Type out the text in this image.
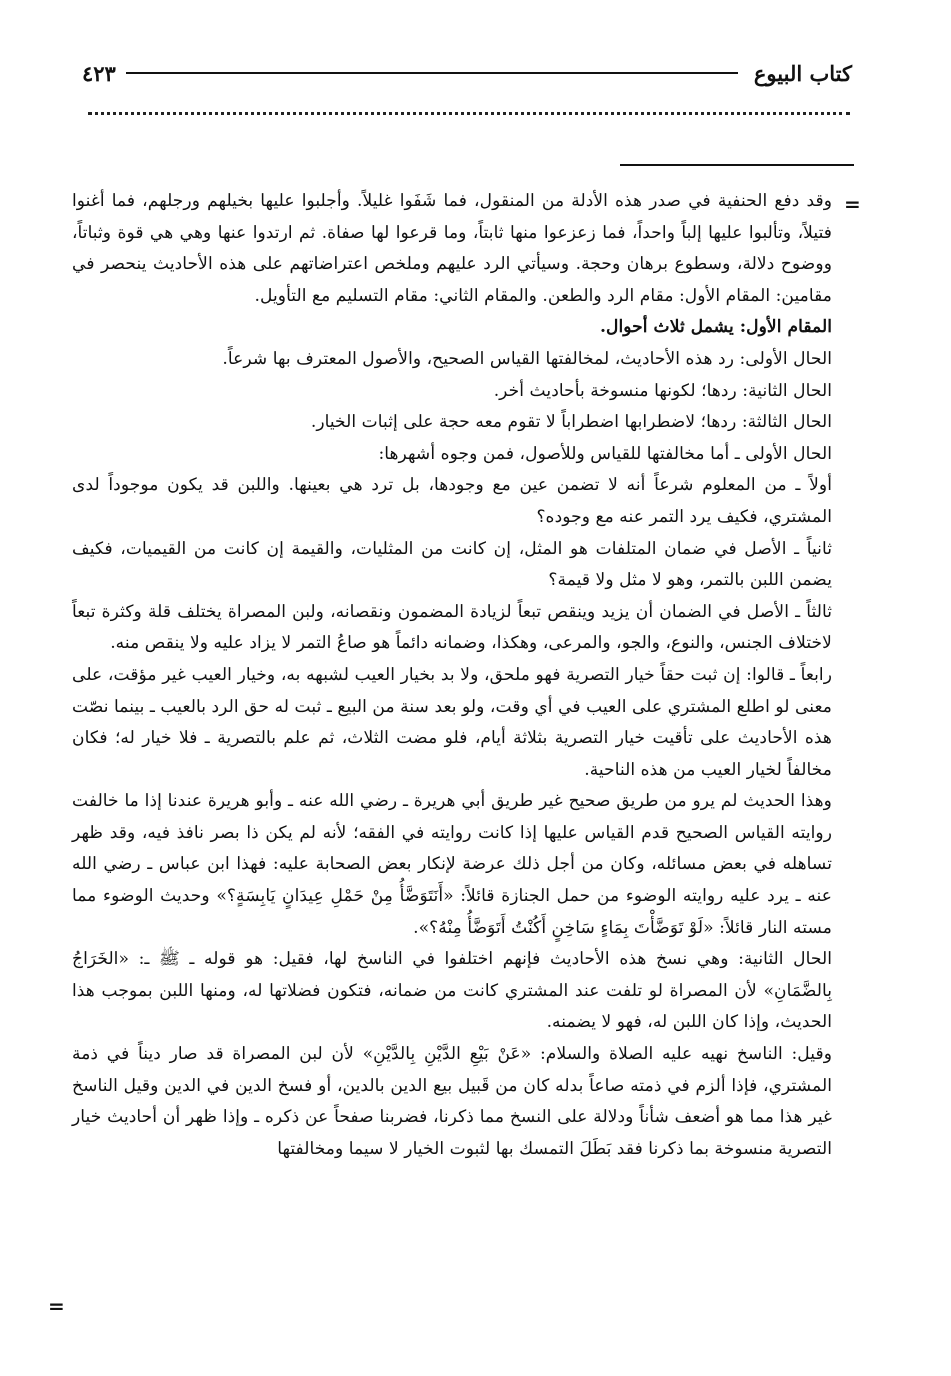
كتاب البيوع
٤٢٣
=

وقد دفع الحنفية في صدر هذه الأدلة من المنقول، فما شَفَوا غليلاً. وأجلبوا عليها بخيلهم ورجلهم، فما أغنوا فتيلاً، وتألبوا عليها إلباً واحداً، فما زعزعوا منها ثابتاً، وما قرعوا لها صفاة. ثم ارتدوا عنها وهي هي قوة وثباتاً، ووضوح دلالة، وسطوع برهان وحجة. وسيأتي الرد عليهم وملخص اعتراضاتهم على هذه الأحاديث ينحصر في مقامين: المقام الأول: مقام الرد والطعن. والمقام الثاني: مقام التسليم مع التأويل.

المقام الأول: يشمل ثلاث أحوال.

الحال الأولى: رد هذه الأحاديث، لمخالفتها القياس الصحيح، والأصول المعترف بها شرعاً.

الحال الثانية: ردها؛ لكونها منسوخة بأحاديث أخر.

الحال الثالثة: ردها؛ لاضطرابها اضطراباً لا تقوم معه حجة على إثبات الخيار.

الحال الأولى ـ أما مخالفتها للقياس وللأصول، فمن وجوه أشهرها:

أولاً ـ من المعلوم شرعاً أنه لا تضمن عين مع وجودها، بل ترد هي بعينها. واللبن قد يكون موجوداً لدى المشتري، فكيف يرد التمر عنه مع وجوده؟

ثانياً ـ الأصل في ضمان المتلفات هو المثل، إن كانت من المثليات، والقيمة إن كانت من القيميات، فكيف يضمن اللبن بالتمر، وهو لا مثل ولا قيمة؟

ثالثاً ـ الأصل في الضمان أن يزيد وينقص تبعاً لزيادة المضمون ونقصانه، ولبن المصراة يختلف قلة وكثرة تبعاً لاختلاف الجنس، والنوع، والجو، والمرعى، وهكذا، وضمانه دائماً هو صاعُ التمر لا يزاد عليه ولا ينقص منه.

رابعاً ـ قالوا: إن ثبت حقاً خيار التصرية فهو ملحق، ولا بد بخيار العيب لشبهه به، وخيار العيب غير مؤقت، على معنى لو اطلع المشتري على العيب في أي وقت، ولو بعد سنة من البيع ـ ثبت له حق الرد بالعيب ـ بينما نصّت هذه الأحاديث على تأقيت خيار التصرية بثلاثة أيام، فلو مضت الثلاث، ثم علم بالتصرية ـ فلا خيار له؛ فكان مخالفاً لخيار العيب من هذه الناحية.

وهذا الحديث لم يرو من طريق صحيح غير طريق أبي هريرة ـ رضي الله عنه ـ وأبو هريرة عندنا إذا ما خالفت روايته القياس الصحيح قدم القياس عليها إذا كانت روايته في الفقه؛ لأنه لم يكن ذا بصر نافذ فيه، وقد ظهر تساهله في بعض مسائله، وكان من أجل ذلك عرضة لإنكار بعض الصحابة عليه: فهذا ابن عباس ـ رضي الله عنه ـ يرد عليه روايته الوضوء من حمل الجنازة قائلاً: «أَنَتَوَضَّأُ مِنْ حَمْلِ عِيدَانٍ يَابِسَةٍ؟» وحديث الوضوء مما مسته النار قائلاً: «لَوْ تَوَضَّأْتَ بِمَاءٍ سَاخِنٍ أَكُنْتُ أَتَوَضَّأُ مِنْهُ؟».

الحال الثانية: وهي نسخ هذه الأحاديث فإنهم اختلفوا في الناسخ لها، فقيل: هو قوله ـ ﷺ ـ: «الخَرَاجُ بِالضَّمَانِ» لأن المصراة لو تلفت عند المشتري كانت من ضمانه، فتكون فضلاتها له، ومنها اللبن بموجب هذا الحديث، وإذا كان اللبن له، فهو لا يضمنه.

وقيل: الناسخ نهيه عليه الصلاة والسلام: «عَنْ بَيْعِ الدَّيْنِ بِالدَّيْنِ» لأن لبن المصراة قد صار ديناً في ذمة المشتري، فإذا ألزم في ذمته صاعاً بدله كان من قَبيل بيع الدين بالدين، أو فسخ الدين في الدين وقيل الناسخ غير هذا مما هو أضعف شأناً ودلالة على النسخ مما ذكرنا، فضربنا صفحاً عن ذكره ـ وإذا ظهر أن أحاديث خيار التصرية منسوخة بما ذكرنا فقد بَطَلَ التمسك بها لثبوت الخيار لا سيما ومخالفتها

=
